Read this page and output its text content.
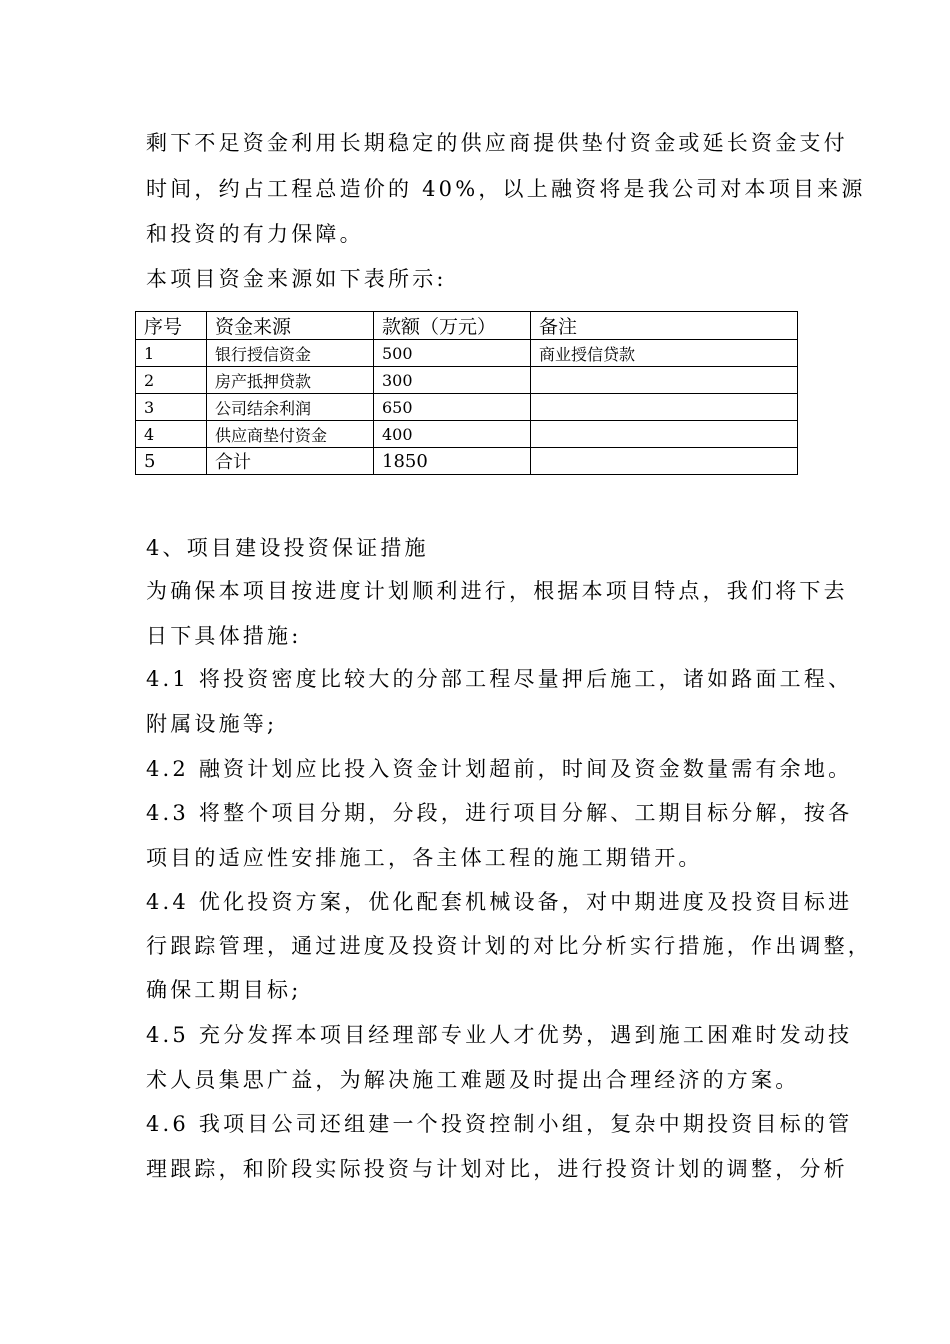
剩下不足资金利用长期稳定的供应商提供垫付资金或延长资金支付
时间，约占工程总造价的 40%，以上融资将是我公司对本项目来源
和投资的有力保障。
本项目资金来源如下表所示:
序号	资金来源	款额（万元）	备注
1	银行授信资金	500	商业授信贷款
2	房产抵押贷款	300	
3	公司结余利润	650	
4	供应商垫付资金	400	
5	合计	1850	
4、项目建设投资保证措施
为确保本项目按进度计划顺利进行，根据本项目特点，我们将下去
日下具体措施:
4.1 将投资密度比较大的分部工程尽量押后施工，诸如路面工程、
附属设施等;
4.2 融资计划应比投入资金计划超前，时间及资金数量需有余地。
4.3 将整个项目分期，分段，进行项目分解、工期目标分解，按各
项目的适应性安排施工，各主体工程的施工期错开。
4.4 优化投资方案，优化配套机械设备，对中期进度及投资目标进
行跟踪管理，通过进度及投资计划的对比分析实行措施，作出调整，
确保工期目标;
4.5 充分发挥本项目经理部专业人才优势，遇到施工困难时发动技
术人员集思广益，为解决施工难题及时提出合理经济的方案。
4.6 我项目公司还组建一个投资控制小组，复杂中期投资目标的管
理跟踪，和阶段实际投资与计划对比，进行投资计划的调整，分析
